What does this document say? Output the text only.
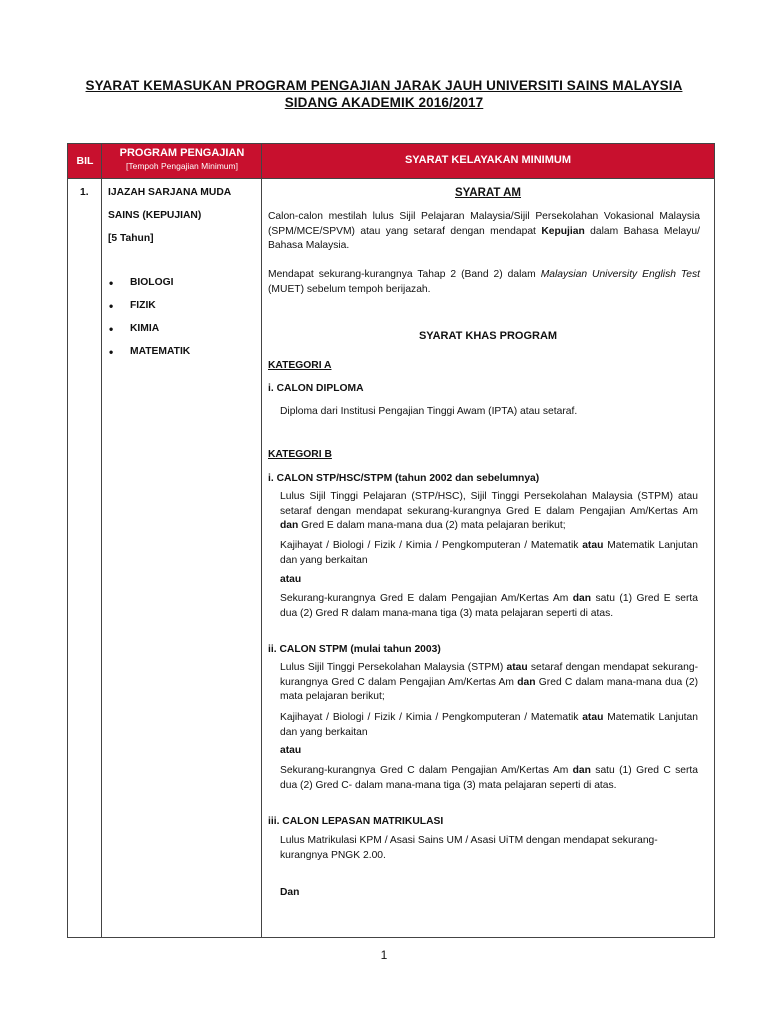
SYARAT KEMASUKAN PROGRAM PENGAJIAN JARAK JAUH UNIVERSITI SAINS MALAYSIA
SIDANG AKADEMIK 2016/2017
BIL
PROGRAM PENGAJIAN
[Tempoh Pengajian Minimum]	SYARAT KELAYAKAN MINIMUM
1. IJAZAH SARJANA MUDA
SAINS (KEPUJIAN)
[5 Tahun]
• BIOLOGI
• FIZIK
• KIMIA
• MATEMATIK
SYARAT AM
Calon-calon mestilah lulus Sijil Pelajaran Malaysia/Sijil Persekolahan Vokasional Malaysia (SPM/MCE/SPVM) atau yang setaraf dengan mendapat Kepujian dalam Bahasa Melayu/ Bahasa Malaysia.
Mendapat sekurang-kurangnya Tahap 2 (Band 2) dalam Malaysian University English Test (MUET) sebelum tempoh berijazah.
SYARAT KHAS PROGRAM
KATEGORI A
i. CALON DIPLOMA
Diploma dari Institusi Pengajian Tinggi Awam (IPTA) atau setaraf.
KATEGORI B
i. CALON STP/HSC/STPM (tahun 2002 dan sebelumnya)
Lulus Sijil Tinggi Pelajaran (STP/HSC), Sijil Tinggi Persekolahan Malaysia (STPM) atau setaraf dengan mendapat sekurang-kurangnya Gred E dalam Pengajian Am/Kertas Am dan Gred E dalam mana-mana dua (2) mata pelajaran berikut;
Kajihayat / Biologi / Fizik / Kimia / Pengkomputeran / Matematik atau Matematik Lanjutan dan yang berkaitan
atau
Sekurang-kurangnya Gred E dalam Pengajian Am/Kertas Am dan satu (1) Gred E serta dua (2) Gred R dalam mana-mana tiga (3) mata pelajaran seperti di atas.
ii. CALON STPM (mulai tahun 2003)
Lulus Sijil Tinggi Persekolahan Malaysia (STPM) atau setaraf dengan mendapat sekurang-kurangnya Gred C dalam Pengajian Am/Kertas Am dan Gred C dalam mana-mana dua (2) mata pelajaran berikut;
Kajihayat / Biologi / Fizik / Kimia / Pengkomputeran / Matematik atau Matematik Lanjutan dan yang berkaitan
atau
Sekurang-kurangnya Gred C dalam Pengajian Am/Kertas Am dan satu (1) Gred C serta dua (2) Gred C- dalam mana-mana tiga (3) mata pelajaran seperti di atas.
iii. CALON LEPASAN MATRIKULASI
Lulus Matrikulasi KPM / Asasi Sains UM / Asasi UiTM dengan mendapat sekurang-kurangnya PNGK 2.00.
Dan
1
